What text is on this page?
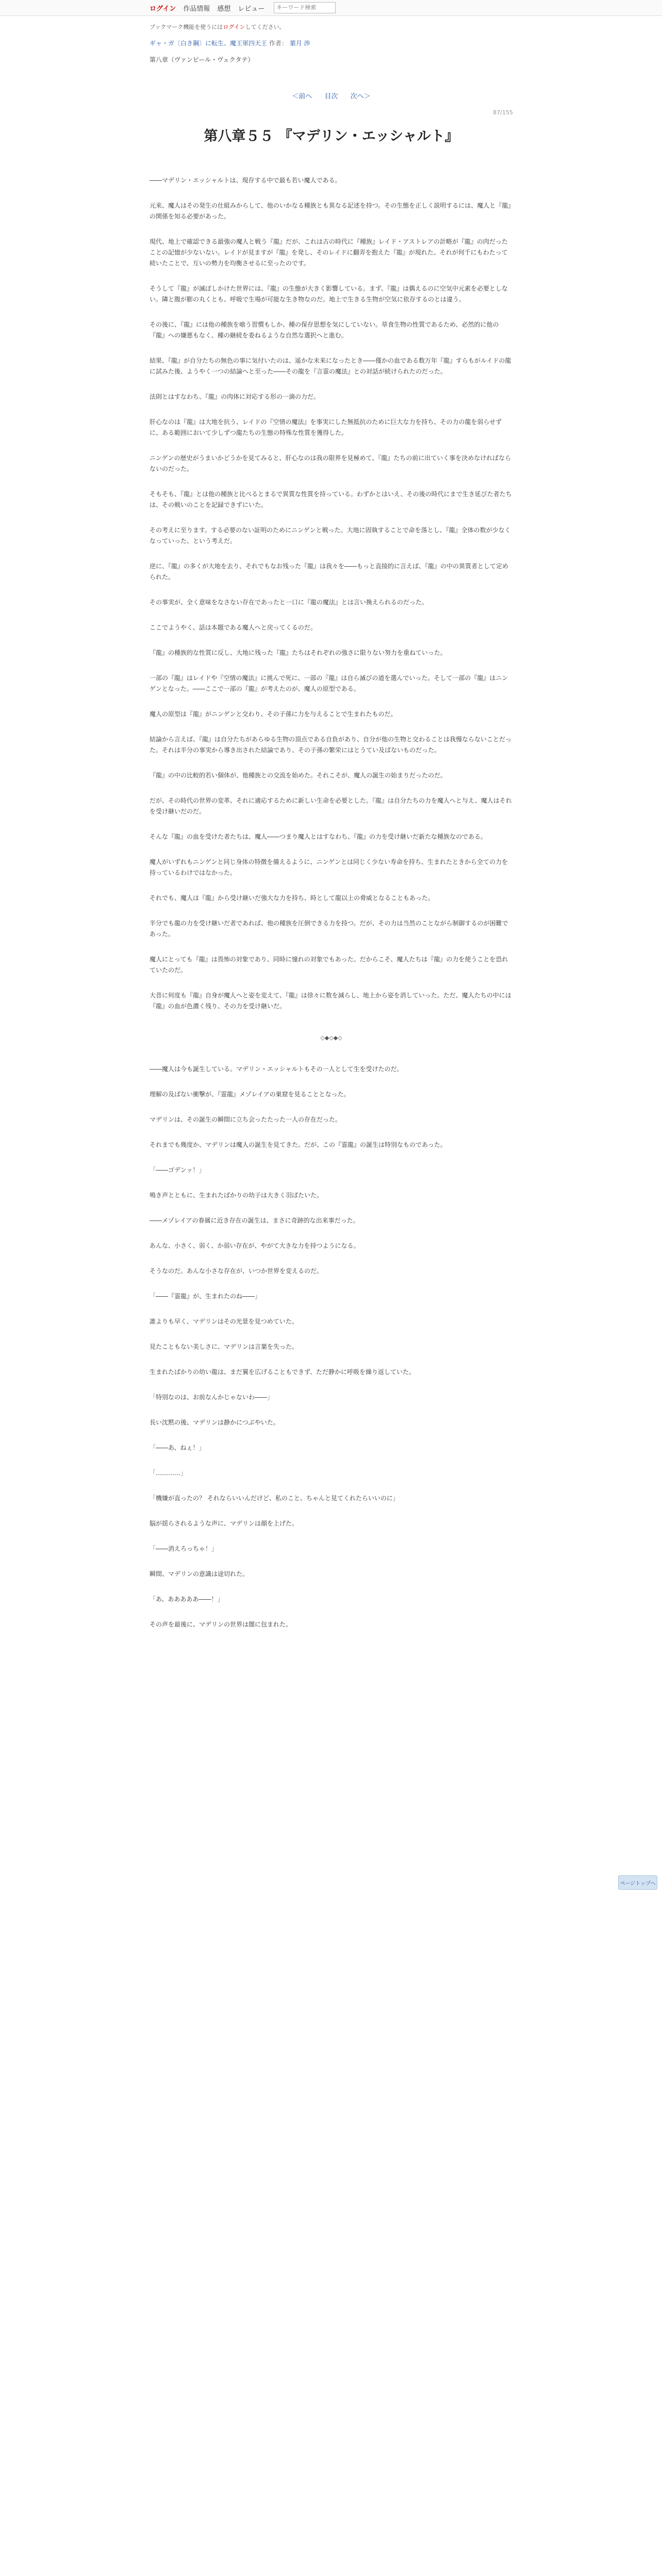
ログイン 作品情報 感想 レビュー
キーワード検索
ブックマーク機能を使うにはログインしてください。
ギャ・ガ〔白き鋼〕に転生、魔王軍四天王 作者： 葉月 渉
第八章（ヴァンピール・ヴェクタテ）
＜前へ 目次 次へ＞
87/155
第八章５５ 『マデリン・エッシャルト』

――マデリン・エッシャルトは、現存する中で最も若い魔人である。

元来、魔人はその発生の仕組みからして、他のいかなる種族とも異なる記述を持つ。その生態を正しく説明するには、魔人と『龍』の関係を知る必要があった。

現代、地上で確認できる最強の魔人と戦う『龍』だが、これは古の時代に『種族』レイド・アストレアの計略が『龍』の肉だったことの記憶が少ないない。レイドが見ますが『龍』を発し、そのレイドに翻弄を抱えた『龍』が現れた。それが何千にもわたって続いたことで、互いの勢力を均衡させるに至ったのです。

そうして『龍』が滅ぼしかけた世界には、『龍』の生態が大きく影響している。まず、『龍』は偶えるのに空気中元素を必要としない。隣と腹が膨の丸くとも、呼吸で生場が可能な生き物なのだ。地上で生きる生物が空気に依存するのとは違う。

その後に、『龍』には他の種族を喰う習慣もしか、種の保存思想を気にしていない。草食生物の性質であるため、必然的に他の『龍』への嫌悪もなく、種の継続を委ねるような自然な選択へと進む。

結果、『龍』が自分たちの無色の事に気付いたのは、遥かな未来になったとき――僅かの血である数万年『龍』すらもがルイドの龍に試みた後、ようやく一つの結論へと至った――その龍を『言霊の魔法』との対話が続けられたのだった。

法則とはすなわち、『龍』の肉体に対応する形の一滴の力だ。

肝心なのは『龍』は大地を抗う、レイドの『空情の魔法』を事実にした無抵抗のために巨大な力を持ち、その力の龍を弱らせずに、ある範囲において少しずつ龍たちの生態の特殊な性質を獲得した。

ニンゲンの歴史がうまいかどうかを見てみると、肝心なのは我の限界を見極めて、『龍』たちの前に出ていく事を決めなければならないのだった。

そもそも、『龍』とは他の種族と比べるとまるで異質な性質を持っている。わずかとはいえ、その後の時代にまで生き延びた者たちは、その戦いのことを記録できずにいた。

その考えに至ります。する必要のない証明のためにニンゲンと戦った。大地に固執することで命を落とし、『龍』全体の数が少なくなっていった、という考えだ。

逆に、『龍』の多くが大地を去り、それでもなお残った『龍』は我々を――もっと直接的に言えば、『龍』の中の異質者として定められた。

その事実が、全く意味をなさない存在であったと一口に『龍の魔法』とは言い換えられるのだった。

ここでようやく、話は本題である魔人へと戻ってくるのだ。

『龍』の種族的な性質に反し、大地に残った『龍』たちはそれぞれの強さに限りない努力を重ねていった。

一部の『龍』はレイドや『空情の魔法』に挑んで死に、一部の『龍』は自ら滅びの道を選んでいった。そして一部の『龍』はニンゲンとなった。――ここで一部の『龍』が考えたのが、魔人の原型である。

魔人の原型は『龍』がニンゲンと交わり、その子孫に力を与えることで生まれたものだ。

結論から言えば、『龍』は自分たちがあらゆる生物の頂点である自負があり、自分が他の生物と交わることは我慢ならないことだった。それは半分の事実から導き出された結論であり、その子孫の繁栄にはとうてい及ばないものだった。

『龍』の中の比較的若い個体が、他種族との交流を始めた。それこそが、魔人の誕生の始まりだったのだ。

だが、その時代の世界の変革、それに適応するために新しい生命を必要とした。『龍』は自分たちの力を魔人へと与え、魔人はそれを受け継いだのだ。

そんな『龍』の血を受けた者たちは、魔人――つまり魔人とはすなわち、『龍』の力を受け継いだ新たな種族なのである。

魔人がいずれもニンゲンと同じ身体の特徴を備えるように、ニンゲンとは同じく少ない寿命を持ち、生まれたときから全ての力を持っているわけではなかった。

それでも、魔人は『龍』から受け継いだ強大な力を持ち、時として龍以上の脅威となることもあった。

半分でも龍の力を受け継いだ者であれば、他の種族を圧倒できる力を持つ。だが、その力は当然のことながら制御するのが困難であった。

魔人にとっても『龍』は畏怖の対象であり、同時に憧れの対象でもあった。だからこそ、魔人たちは『龍』の力を使うことを恐れていたのだ。

大昔に何度も『龍』自身が魔人へと姿を変えて、『龍』は徐々に数を減らし、地上から姿を消していった。ただ、魔人たちの中には『龍』の血が色濃く残り、その力を受け継いだ。

◇◆◇◆◇

――魔人は今も誕生している。マデリン・エッシャルトもその一人として生を受けたのだ。

理解の及ばない衝撃が、『霊龍』メゾレイアの巣窟を見ることとなった。

マデリンは、その誕生の瞬間に立ち会ったたった一人の存在だった。

それまでも幾度か、マデリンは魔人の誕生を見てきた。だが、この『霊龍』の誕生は特別なものであった。

「――ゴデンッ！」

鳴き声とともに、生まれたばかりの幼子は大きく羽ばたいた。

――メゾレイアの眷属に近き存在の誕生は、まさに奇跡的な出来事だった。

あんな、小さく、弱く、か弱い存在が、やがて大きな力を持つようになる。

そうなのだ。あんな小さな存在が、いつか世界を変えるのだ。

「――『霊龍』が、生まれたのね――」

誰よりも早く、マデリンはその光景を見つめていた。

見たこともない美しさに、マデリンは言葉を失った。

生まれたばかりの幼い龍は、まだ翼を広げることもできず、ただ静かに呼吸を繰り返していた。

「特別なのは、お前なんかじゃないわ――」

長い沈黙の後、マデリンは静かにつぶやいた。

「――あ、ねぇ！」

「…………」

「機嫌が直ったの？ それならいいんだけど、私のこと、ちゃんと見てくれたらいいのに」

脳が揺らされるような声に、マデリンは顔を上げた。

「――消えろっちゃ！」

瞬間、マデリンの意識は途切れた。

「あ、あああああ――！」

その声を最後に、マデリンの世界は闇に包まれた。

ページトップへ
